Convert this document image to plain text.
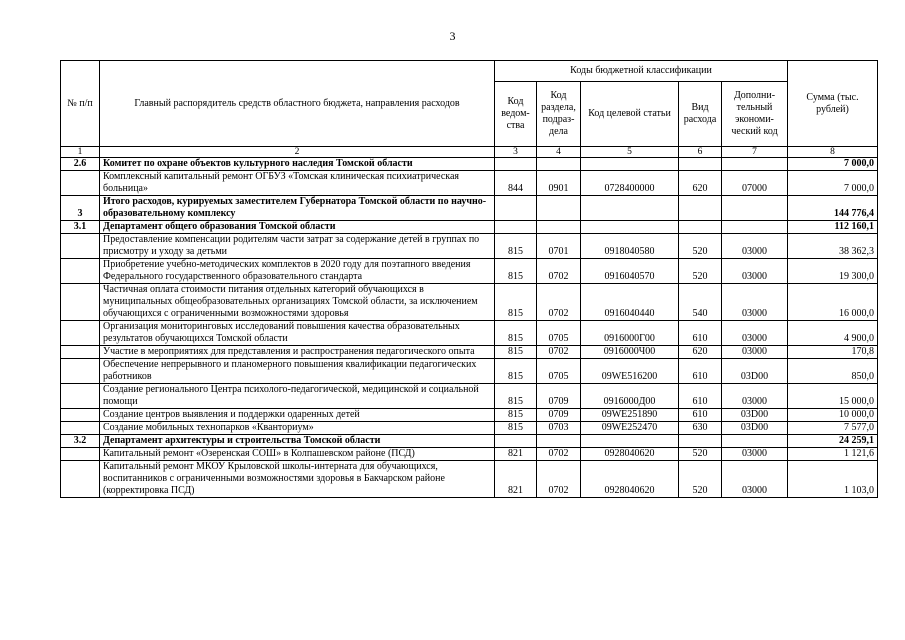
3
№ п/п	Главный распорядитель средств областного бюджета, направления расходов	Коды бюджетной классификации					Сумма (тыс. рублей)
		Код ведом-ства	Код раздела, подраз-дела	Код целевой статьи	Вид расхода	Дополни-тельный экономи-ческий код	
1	2	3	4	5	6	7	8
2.6	Комитет по охране объектов культурного наследия Томской области						7 000,0
	Комплексный капитальный ремонт ОГБУЗ «Томская клиническая психиатрическая больница»	844	0901	0728400000	620	07000	7 000,0
3	Итого расходов, курируемых заместителем Губернатора Томской области по научно-образовательному комплексу						144 776,4
3.1	Департамент общего образования Томской области						112 160,1
	Предоставление компенсации родителям части затрат за содержание детей в группах по присмотру и уходу за детьми	815	0701	0918040580	520	03000	38 362,3
	Приобретение учебно-методических комплектов в 2020 году для поэтапного введения Федерального государственного образовательного стандарта	815	0702	0916040570	520	03000	19 300,0
	Частичная оплата стоимости питания отдельных категорий обучающихся в муниципальных общеобразовательных организациях Томской области, за исключением обучающихся с ограниченными возможностями здоровья	815	0702	0916040440	540	03000	16 000,0
	Организация мониторинговых исследований повышения качества образовательных результатов обучающихся Томской области	815	0705	0916000Г00	610	03000	4 900,0
	Участие в мероприятиях для представления и распространения педагогического опыта	815	0702	0916000Ч00	620	03000	170,8
	Обеспечение непрерывного и планомерного повышения квалификации педагогических работников	815	0705	09WE516200	610	03D00	850,0
	Создание регионального Центра психолого-педагогической, медицинской и социальной помощи	815	0709	0916000Д00	610	03000	15 000,0
	Создание центров выявления и поддержки одаренных детей	815	0709	09WE251890	610	03D00	10 000,0
	Создание мобильных технопарков «Кванториум»	815	0703	09WE252470	630	03D00	7 577,0
3.2	Департамент архитектуры и строительства Томской области						24 259,1
	Капитальный ремонт «Озеренская СОШ» в Колпашевском районе (ПСД)	821	0702	0928040620	520	03000	1 121,6
	Капитальный ремонт МКОУ Крыловской школы-интерната для обучающихся, воспитанников с ограниченными возможностями здоровья в Бакчарском районе (корректировка ПСД)	821	0702	0928040620	520	03000	1 103,0
